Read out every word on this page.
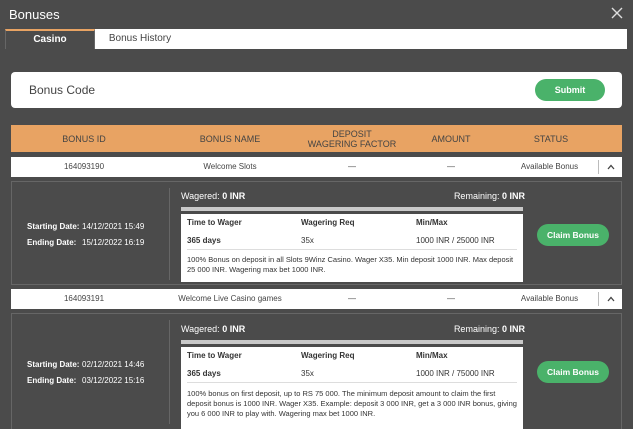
Bonuses
Casino	Bonus History
Bonus Code	Submit
BONUS ID	BONUS NAME	DEPOSIT WAGERING FACTOR	AMOUNT	STATUS
164093190	Welcome Slots	—	—	Available Bonus
Starting Date: 14/12/2021 15:49
Ending Date: 15/12/2022 16:19
Wagered: 0 INR	Remaining: 0 INR
Time to Wager	Wagering Req	Min/Max
365 days	35x	1000 INR / 25000 INR
100% Bonus on deposit in all Slots 9Winz Casino. Wager X35. Min deposit 1000 INR. Max deposit 25 000 INR. Wagering max bet 1000 INR.
Claim Bonus
164093191	Welcome Live Casino games	—	—	Available Bonus
Starting Date: 02/12/2021 14:46
Ending Date: 03/12/2022 15:16
Wagered: 0 INR	Remaining: 0 INR
Time to Wager	Wagering Req	Min/Max
365 days	35x	1000 INR / 75000 INR
100% bonus on first deposit, up to RS 75 000. The minimum deposit amount to claim the first deposit bonus is 1000 INR. Wager X35. Example: deposit 3 000 INR, get a 3 000 INR bonus, giving you 6 000 INR to play with. Wagering max bet 1000 INR.
Claim Bonus
